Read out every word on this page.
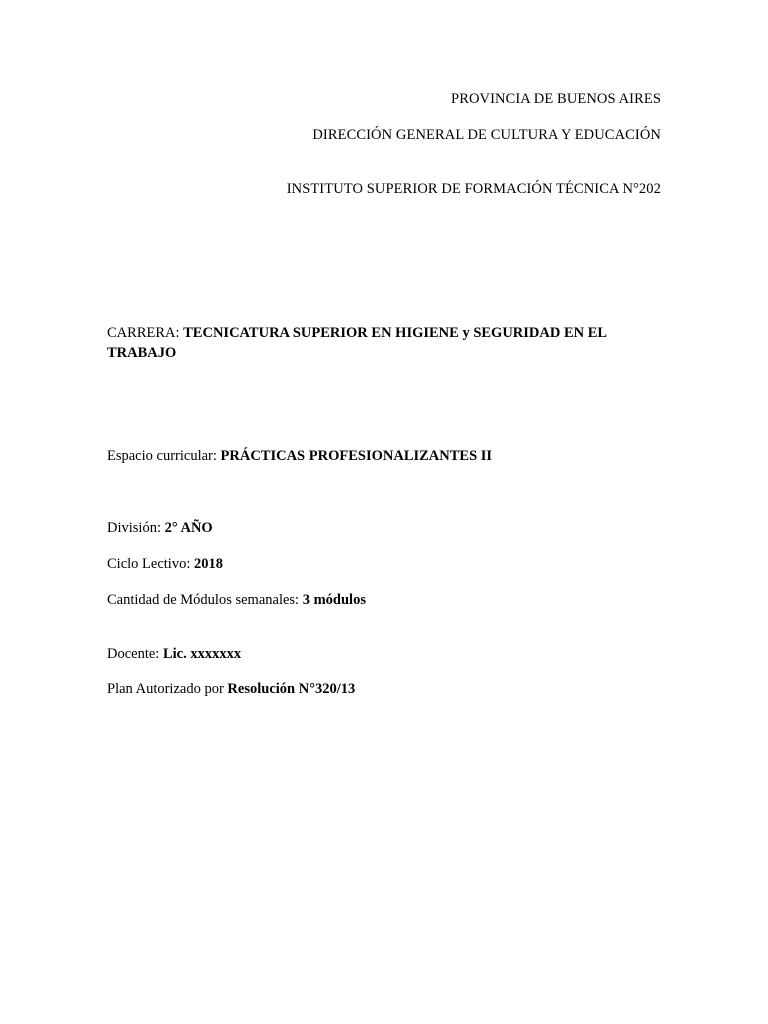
PROVINCIA DE BUENOS AIRES
DIRECCIÓN GENERAL DE CULTURA Y EDUCACIÓN
INSTITUTO SUPERIOR DE FORMACIÓN TÉCNICA N°202
CARRERA: TECNICATURA SUPERIOR EN HIGIENE y SEGURIDAD EN EL TRABAJO
Espacio curricular: PRÁCTICAS PROFESIONALIZANTES II
División: 2° AÑO
Ciclo Lectivo: 2018
Cantidad de Módulos semanales: 3 módulos
Docente: Lic. xxxxxxx
Plan Autorizado por Resolución N°320/13
